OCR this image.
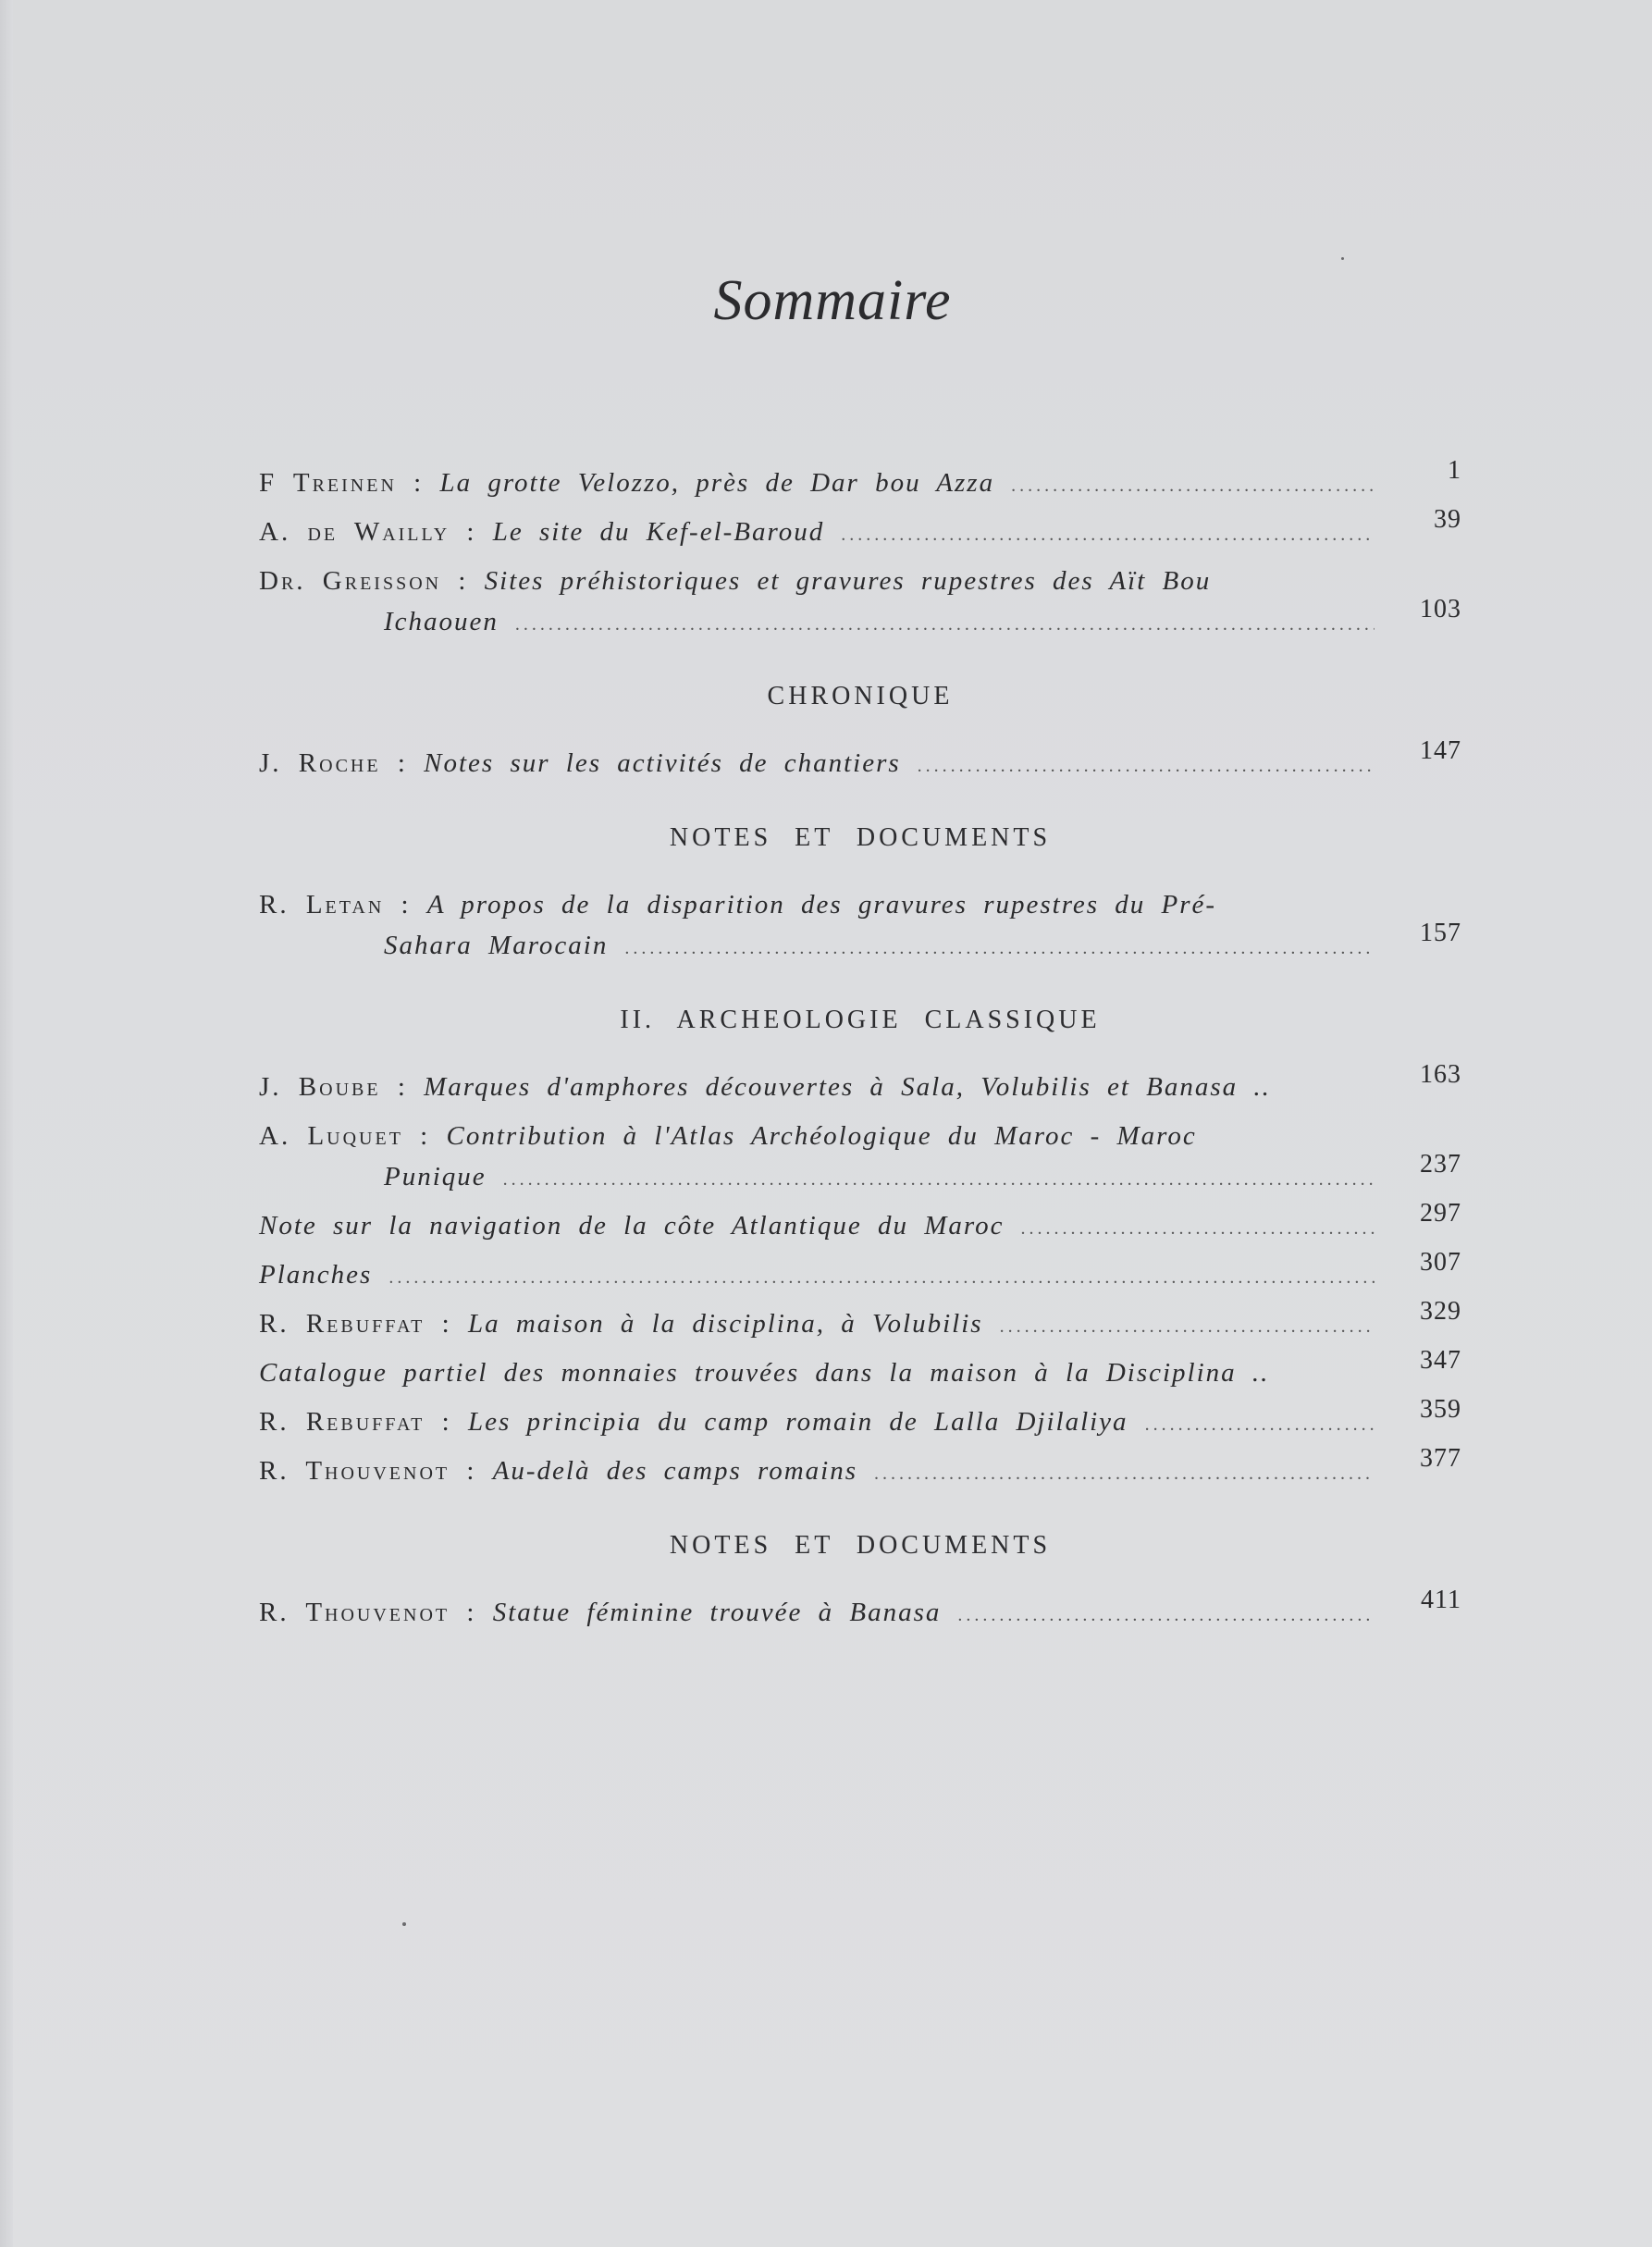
Sommaire
F Treinen :
La grotte Velozzo, près de Dar bou Azza .....	1
A. de Wailly :
Le site du Kef-el-Baroud .....	39
Dr. Greisson :
Sites préhistoriques et gravures rupestres des Aït Bou
Ichaouen .....	103
CHRONIQUE
J. Roche :
Notes sur les activités de chantiers .....	147
NOTES ET DOCUMENTS
R. Letan :
A propos de la disparition des gravures rupestres du Pré-
Sahara Marocain .....	157
II. ARCHEOLOGIE CLASSIQUE
J. Boube :
Marques d'amphores découvertes à Sala, Volubilis et Banasa ..	163
A. Luquet :
Contribution à l'Atlas Archéologique du Maroc - Maroc
Punique .....	237
Note sur la navigation de la côte Atlantique du Maroc .....	297
Planches .....	307
R. Rebuffat :
La maison à la disciplina, à Volubilis .....	329
Catalogue partiel des monnaies trouvées dans la maison à la Disciplina ..	347
R. Rebuffat :
Les principia du camp romain de Lalla Djilaliya .....	359
R. Thouvenot :
Au-delà des camps romains .....	377
NOTES ET DOCUMENTS
R. Thouvenot :
Statue féminine trouvée à Banasa .....	411
